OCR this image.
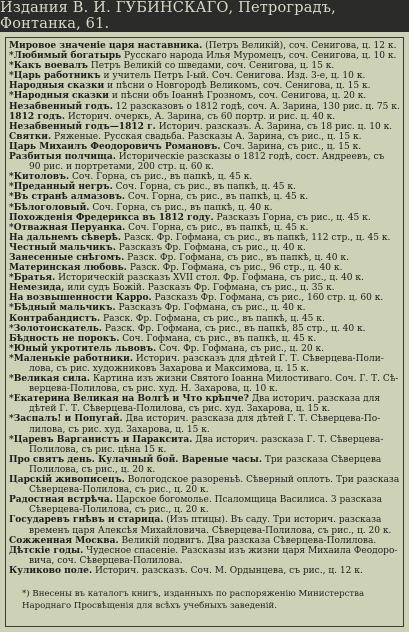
Издания В. И. ГУБИНСКАГО, Петроградъ, Фонтанка, 61.
Мировое значенiе царя наставника. (Петръ Великiй), соч. Сенигова, ц. 12 к.
*Любимый богатырь Русскаго народа Илья Муромецъ, соч. Сенигова, ц. 10 к.
*Какъ воевалъ Петръ Великiй со шведами, соч. Сенигова, ц. 15 к.
*Царь работникъ и учитель Петръ I-ый. Соч. Сенигова. Изд. 3-е, ц. 10 к.
Народныя сказки и пѣсни о Новгородѣ Великомъ, соч. Сенигова, ц. 15 к.
*Народныя сказки и пѣсни объ Iоаннѣ Грозномъ, соч. Сенигова, ц. 20 к.
Незабвенный годъ. 12 разсказовъ о 1812 годѣ, соч. А. Зарина, 130 рис. ц. 75 к.
1812 годъ. Историч. очеркъ, А. Зарина, съ 60 портр. и рис. ц. 40 к.
Незабвенный годъ—1812 г. Историч. разсказъ. А. Зарина, съ 18 рис. ц. 10 к.
Святки. Ряженые. Русская свадьба. Разсказы А. Зарина, съ рис., ц. 15 к.
Царь Михаилъ Феодоровичъ Романовъ. Соч. Зарина, съ рис., ц. 15 к.
Разбитыя полчища. Историческiе разсказы о 1812 годѣ, сост. Андреевъ, съ
90 рис. и портретами, 200 стр. ц. 60 к.
*Китоловъ. Соч. Горна, съ рис., въ папкѣ, ц. 45 к.
*Преданный негръ. Соч. Горна, съ рис., въ папкѣ, ц. 45 к.
*Въ странѣ алмазовъ. Соч. Горна, съ рис., въ папкѣ, ц. 45 к.
*Бѣлоголовый. Соч. Горна, съ рис., въ папкѣ, ц. 40 к.
Похожденiя Фредерикса въ 1812 году. Разсказъ Горна, съ рис., ц. 45 к.
*Отважная Перуанка. Соч. Горна, съ рис., въ папкѣ, ц. 45 к.
На дальнемъ сѣверѣ. Разск. Фр. Гофмана, съ рис., въ папкѣ, 112 стр., ц. 45 к.
Честный мальчикъ. Разсказъ Фр. Гофмана, съ рис., ц. 40 к.
Занесенные снѣгомъ. Разск. Фр. Гофмана, съ рис., въ папкѣ, ц. 40 к.
Материнская любовь. Разск. Фр. Гофмана, съ рис., 96 стр., ц. 40 к.
*Братья. Историческiй разсказъ XVII стол. Фр. Гофмана, съ рис., ц. 40 к.
Немезида, или судъ Божiй. Разсказъ Фр. Гофмана, съ рис., ц. 35 к.
На возвышенности Карро. Разсказъ Фр. Гофмана, съ рис., 160 стр. ц. 60 к.
*Бѣдный мальчикъ. Разсказъ Фр. Гофмана, съ рис., ц. 40 к.
Контрабандистъ. Разск. Фр. Гофмана, съ рис., въ папкѣ, ц. 45 к.
*Золотоискатель. Разск. Фр. Гофмана, съ рис., въ папкѣ, 85 стр., ц. 40 к.
Бѣдность не порокъ. Соч. Гофмана, съ рис., въ папкѣ, ц. 45 к.
*Юный укротитель львовъ. Соч. Фр. Гофмана, съ рис., ц. 20 к.
*Маленькiе работники. Историч. разсказъ для дѣтей Г. Т. Сѣверцева-Поли-
лова, съ рис. художниковъ Захарова и Максимова, ц. 15 к.
*Великая сила. Картина изъ жизни Святого Iоанна Милостиваго. Соч. Г. Т. Сѣ-
верцева-Полилова, съ рис. худ. Н. Захарова, ц. 10 к.
*Екатерина Великая на Волгѣ и Что крѣпче? Два историч. разсказа для
дѣтей Г. Т. Сѣверцева-Полилова, съ рис. худ. Захарова, ц. 15 к.
*Заспалъ! и Попугай. Два историч. разсказа для дѣтей Г. Т. Сѣверцева-По-
лилова, съ рис. худ. Захарова, ц. 15 к.
*Царевъ Варганистъ и Параксита. Два историч. разсказа Г. Т. Сѣверцева-
Полилова, съ рис. цѣна 15 к.
Про святъ день. Кулачный бой. Вареные часы. Три разсказа Сѣверцева
Полилова, съ рис., ц. 20 к.
Царскiй живописецъ. Вологодское разореньѣ. Сѣверный оплотъ. Три разсказа
Сѣверцева-Полилова, съ рис., ц. 20 к.
Радостная встрѣча. Царское богомолье. Псаломщица Василиса. 3 разсказа
Сѣверцева-Полилова, съ рис., ц. 20 к.
Государевъ гнѣвъ и старица. (Изъ птицы). Въ саду. Три историч. разсказа
временъ царя Алексѣя Михайловича. Сѣверцева-Полилова, съ рис., ц. 20 к.
Сожженная Москва. Великiй подвигъ. Два разсказа Сѣверцева-Полилова.
Дѣтскiе годы. Чудесное спасенiе. Разсказы изъ жизни царя Михаила Феодоро-
вича, соч. Сѣверцева-Полилова.
Куликово поле. Историч. разсказъ. Соч. М. Ордынцева, съ рис., ц. 12 к.
*) Внесены въ каталогъ книгъ, изданныхъ по распоряженiю Министерства Народнаго Просвѣщенiя для всѣхъ учебныхъ заведенiй.
